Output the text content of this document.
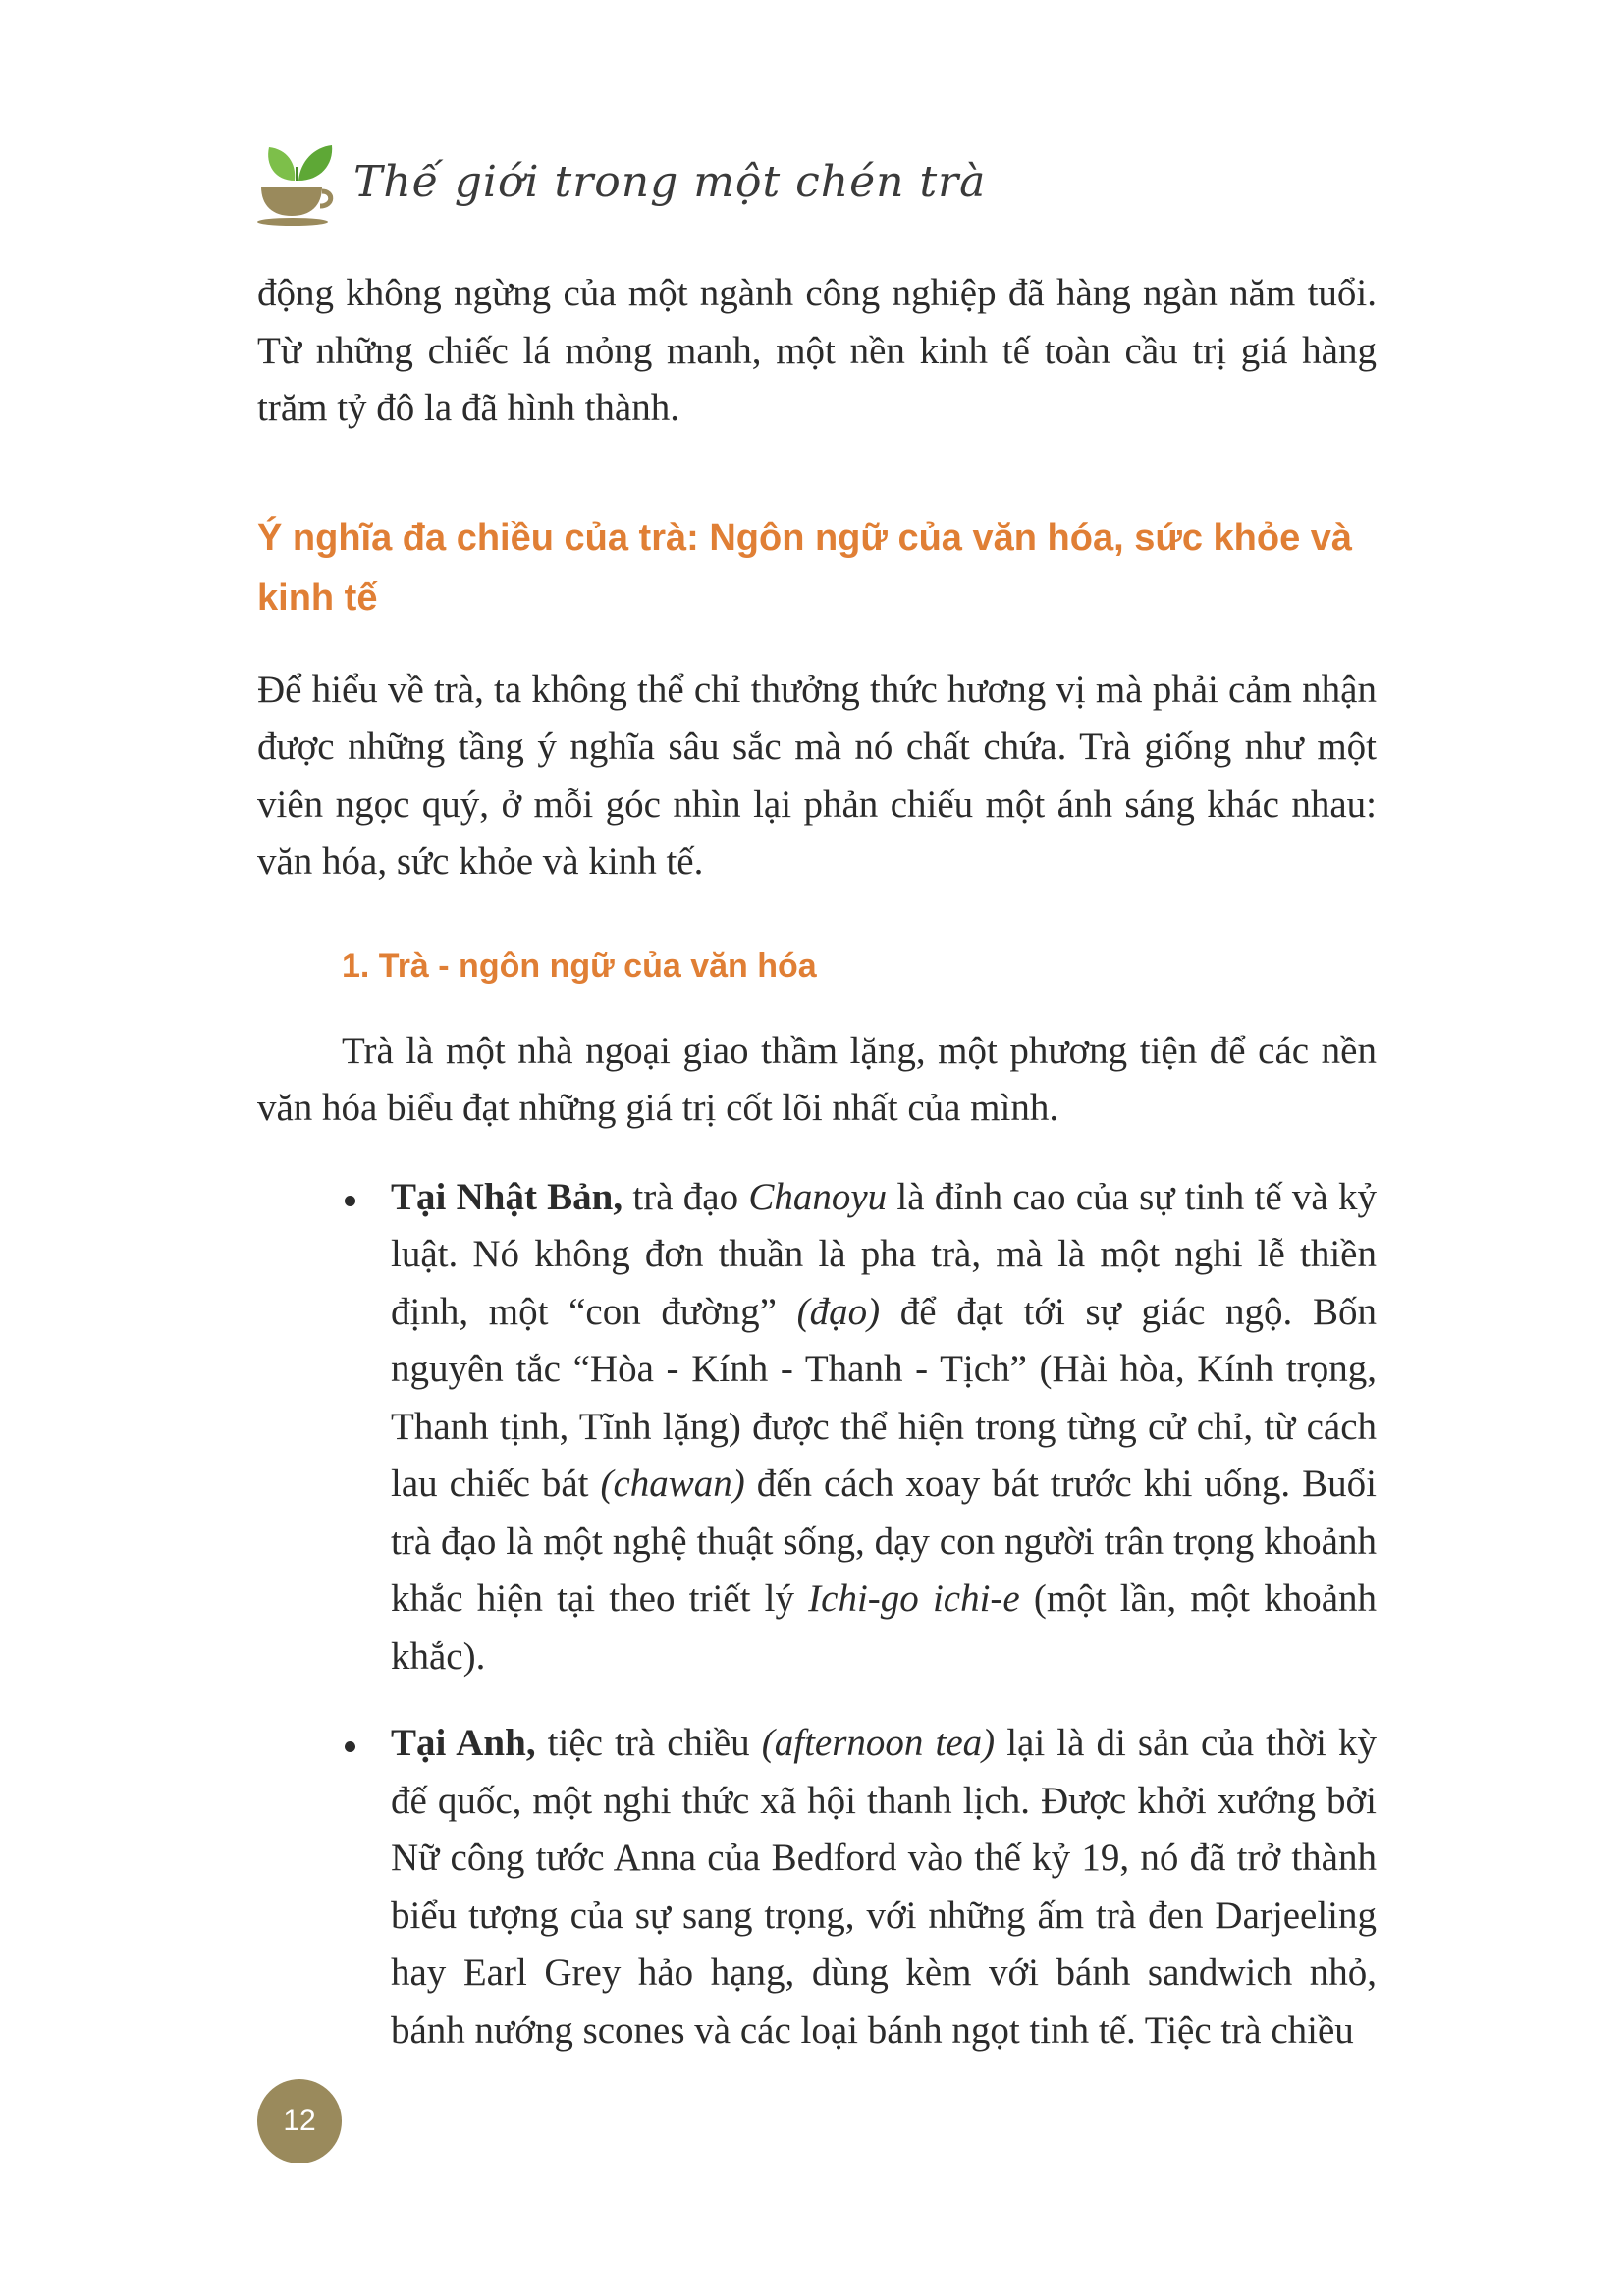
Thế giới trong một chén trà

động không ngừng của một ngành công nghiệp đã hàng ngàn năm tuổi. Từ những chiếc lá mỏng manh, một nền kinh tế toàn cầu trị giá hàng trăm tỷ đô la đã hình thành.

Ý nghĩa đa chiều của trà: Ngôn ngữ của văn hóa, sức khỏe và kinh tế

Để hiểu về trà, ta không thể chỉ thưởng thức hương vị mà phải cảm nhận được những tầng ý nghĩa sâu sắc mà nó chất chứa. Trà giống như một viên ngọc quý, ở mỗi góc nhìn lại phản chiếu một ánh sáng khác nhau: văn hóa, sức khỏe và kinh tế.

1. Trà - ngôn ngữ của văn hóa

Trà là một nhà ngoại giao thầm lặng, một phương tiện để các nền văn hóa biểu đạt những giá trị cốt lõi nhất của mình.

Tại Nhật Bản, trà đạo Chanoyu là đỉnh cao của sự tinh tế và kỷ luật. Nó không đơn thuần là pha trà, mà là một nghi lễ thiền định, một “con đường” (đạo) để đạt tới sự giác ngộ. Bốn nguyên tắc “Hòa - Kính - Thanh - Tịch” (Hài hòa, Kính trọng, Thanh tịnh, Tĩnh lặng) được thể hiện trong từng cử chỉ, từ cách lau chiếc bát (chawan) đến cách xoay bát trước khi uống. Buổi trà đạo là một nghệ thuật sống, dạy con người trân trọng khoảnh khắc hiện tại theo triết lý Ichi-go ichi-e (một lần, một khoảnh khắc).
Tại Anh, tiệc trà chiều (afternoon tea) lại là di sản của thời kỳ đế quốc, một nghi thức xã hội thanh lịch. Được khởi xướng bởi Nữ công tước Anna của Bedford vào thế kỷ 19, nó đã trở thành biểu tượng của sự sang trọng, với những ấm trà đen Darjeeling hay Earl Grey hảo hạng, dùng kèm với bánh sandwich nhỏ, bánh nướng scones và các loại bánh ngọt tinh tế. Tiệc trà chiều
12
